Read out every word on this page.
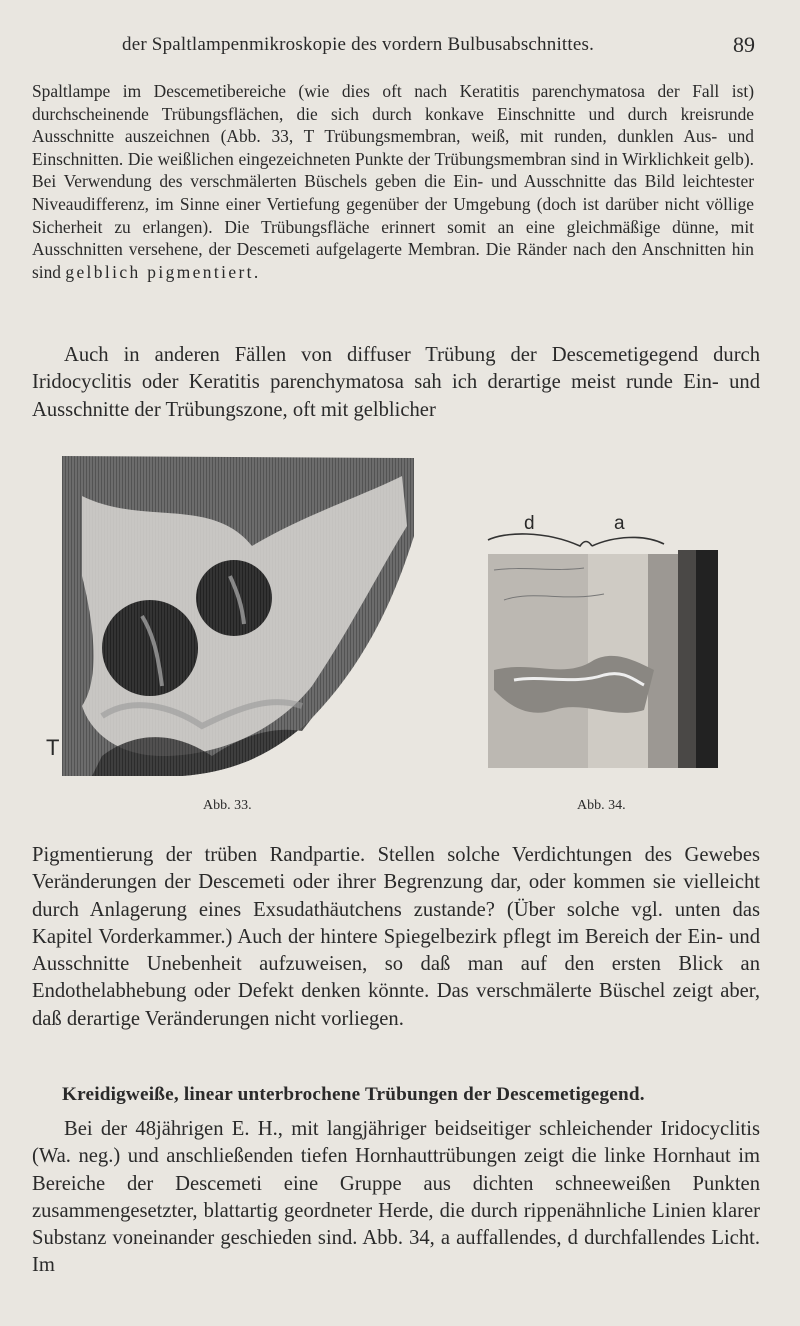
der Spaltlampenmikroskopie des vordern Bulbusabschnittes.	89
Spaltlampe im Descemetibereiche (wie dies oft nach Keratitis parenchymatosa der Fall ist) durchscheinende Trübungsflächen, die sich durch konkave Einschnitte und durch kreisrunde Ausschnitte auszeichnen (Abb. 33, T Trübungsmembran, weiß, mit runden, dunklen Aus- und Einschnitten. Die weißlichen eingezeichneten Punkte der Trübungsmembran sind in Wirklichkeit gelb). Bei Verwendung des verschmälerten Büschels geben die Ein- und Ausschnitte das Bild leichtester Niveaudifferenz, im Sinne einer Vertiefung gegenüber der Umgebung (doch ist darüber nicht völlige Sicherheit zu erlangen). Die Trübungsfläche erinnert somit an eine gleichmäßige dünne, mit Ausschnitten versehene, der Descemeti aufgelagerte Membran. Die Ränder nach den Anschnitten hin sind gelblich pigmentiert.
Auch in anderen Fällen von diffuser Trübung der Descemetigegend durch Iridocyclitis oder Keratitis parenchymatosa sah ich derartige meist runde Ein- und Ausschnitte der Trübungszone, oft mit gelblicher
T
Abb. 33.
d	a
Abb. 34.
Pigmentierung der trüben Randpartie. Stellen solche Verdichtungen des Gewebes Veränderungen der Descemeti oder ihrer Begrenzung dar, oder kommen sie vielleicht durch Anlagerung eines Exsudathäutchens zustande? (Über solche vgl. unten das Kapitel Vorderkammer.) Auch der hintere Spiegelbezirk pflegt im Bereich der Ein- und Ausschnitte Unebenheit aufzuweisen, so daß man auf den ersten Blick an Endothelabhebung oder Defekt denken könnte. Das verschmälerte Büschel zeigt aber, daß derartige Veränderungen nicht vorliegen.
Kreidigweiße, linear unterbrochene Trübungen der Descemetigegend.
Bei der 48jährigen E. H., mit langjähriger beidseitiger schleichender Iridocyclitis (Wa. neg.) und anschließenden tiefen Hornhauttrübungen zeigt die linke Hornhaut im Bereiche der Descemeti eine Gruppe aus dichten schneeweißen Punkten zusammengesetzter, blattartig geordneter Herde, die durch rippenähnliche Linien klarer Substanz voneinander geschieden sind. Abb. 34, a auffallendes, d durchfallendes Licht. Im
